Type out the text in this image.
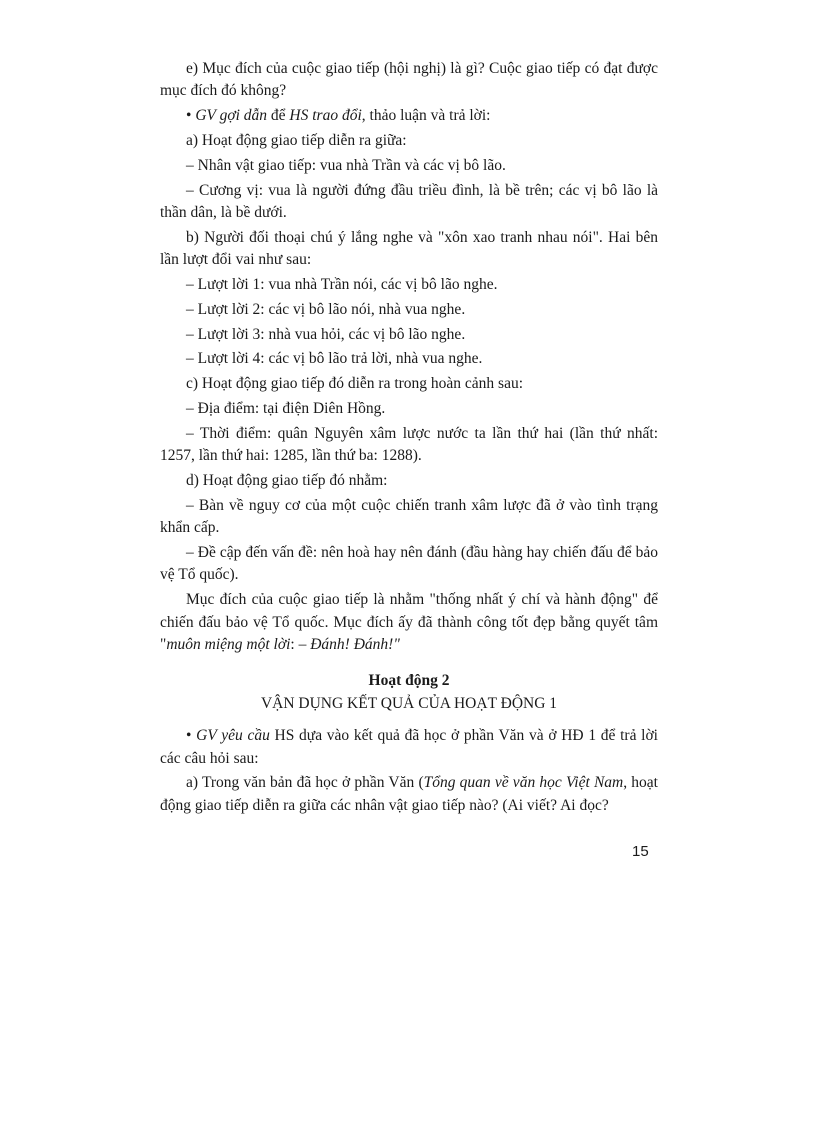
e) Mục đích của cuộc giao tiếp (hội nghị) là gì? Cuộc giao tiếp có đạt được mục đích đó không?

• GV gợi dẫn để HS trao đổi, thảo luận và trả lời:

a) Hoạt động giao tiếp diễn ra giữa:

– Nhân vật giao tiếp: vua nhà Trần và các vị bô lão.

– Cương vị: vua là người đứng đầu triều đình, là bề trên; các vị bô lão là thần dân, là bề dưới.

b) Người đối thoại chú ý lắng nghe và "xôn xao tranh nhau nói". Hai bên lần lượt đổi vai như sau:

– Lượt lời 1: vua nhà Trần nói, các vị bô lão nghe.

– Lượt lời 2: các vị bô lão nói, nhà vua nghe.

– Lượt lời 3: nhà vua hỏi, các vị bô lão nghe.

– Lượt lời 4: các vị bô lão trả lời, nhà vua nghe.

c) Hoạt động giao tiếp đó diễn ra trong hoàn cảnh sau:

– Địa điểm: tại điện Diên Hồng.

– Thời điểm: quân Nguyên xâm lược nước ta lần thứ hai (lần thứ nhất: 1257, lần thứ hai: 1285, lần thứ ba: 1288).

d) Hoạt động giao tiếp đó nhằm:

– Bàn về nguy cơ của một cuộc chiến tranh xâm lược đã ở vào tình trạng khẩn cấp.

– Đề cập đến vấn đề: nên hoà hay nên đánh (đầu hàng hay chiến đấu để bảo vệ Tổ quốc).

Mục đích của cuộc giao tiếp là nhằm "thống nhất ý chí và hành động" để chiến đấu bảo vệ Tổ quốc. Mục đích ấy đã thành công tốt đẹp bằng quyết tâm "muôn miệng một lời: – Đánh! Đánh!"

Hoạt động 2

VẬN DỤNG KẾT QUẢ CỦA HOẠT ĐỘNG 1

• GV yêu cầu HS dựa vào kết quả đã học ở phần Văn và ở HĐ 1 để trả lời các câu hỏi sau:

a) Trong văn bản đã học ở phần Văn (Tổng quan về văn học Việt Nam, hoạt động giao tiếp diễn ra giữa các nhân vật giao tiếp nào? (Ai viết? Ai đọc?

15
